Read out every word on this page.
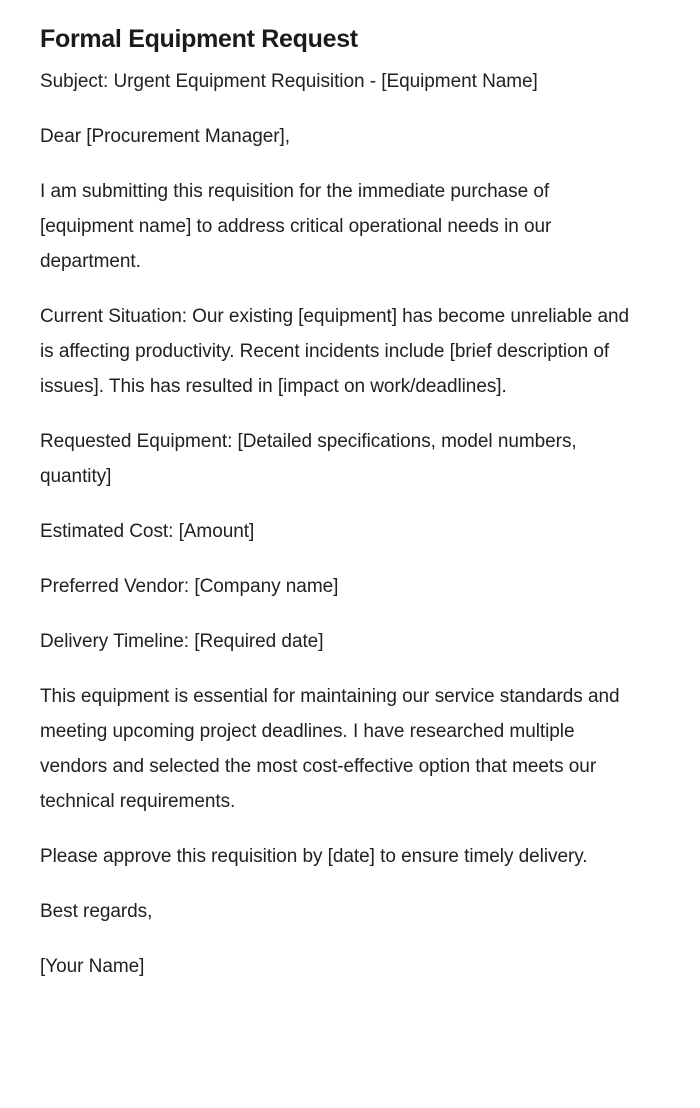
Formal Equipment Request

Subject: Urgent Equipment Requisition - [Equipment Name]

Dear [Procurement Manager],

I am submitting this requisition for the immediate purchase of [equipment name] to address critical operational needs in our department.

Current Situation: Our existing [equipment] has become unreliable and is affecting productivity. Recent incidents include [brief description of issues]. This has resulted in [impact on work/deadlines].

Requested Equipment: [Detailed specifications, model numbers, quantity]

Estimated Cost: [Amount]

Preferred Vendor: [Company name]

Delivery Timeline: [Required date]

This equipment is essential for maintaining our service standards and meeting upcoming project deadlines. I have researched multiple vendors and selected the most cost-effective option that meets our technical requirements.

Please approve this requisition by [date] to ensure timely delivery.

Best regards,

[Your Name]
